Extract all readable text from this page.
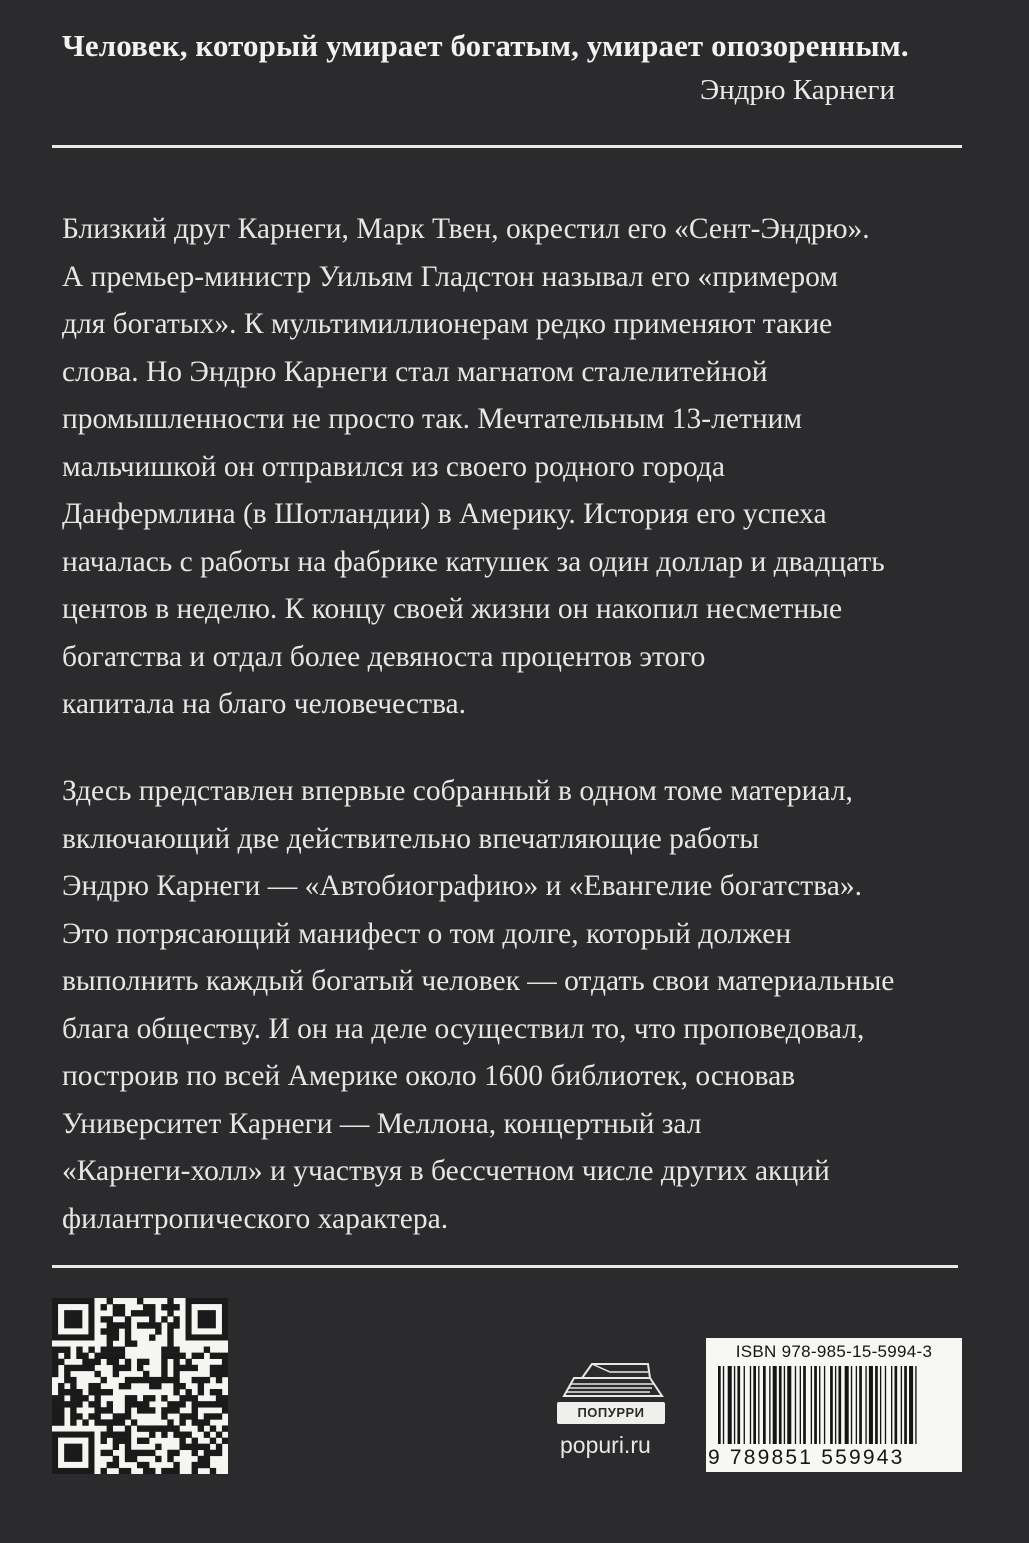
Человек, который умирает богатым, умирает опозоренным.
Эндрю Карнеги

Близкий друг Карнеги, Марк Твен, окрестил его «Сент-Эндрю».

А премьер-министр Уильям Гладстон называл его «примером

для богатых». К мультимиллионерам редко применяют такие

слова. Но Эндрю Карнеги стал магнатом сталелитейной

промышленности не просто так. Мечтательным 13-летним

мальчишкой он отправился из своего родного города

Данфермлина (в Шотландии) в Америку. История его успеха

началась с работы на фабрике катушек за один доллар и двадцать

центов в неделю. К концу своей жизни он накопил несметные

богатства и отдал более девяноста процентов этого

капитала на благо человечества.

Здесь представлен впервые собранный в одном томе материал,

включающий две действительно впечатляющие работы

Эндрю Карнеги — «Автобиографию» и «Евангелие богатства».

Это потрясающий манифест о том долге, который должен

выполнить каждый богатый человек — отдать свои материальные

блага обществу. И он на деле осуществил то, что проповедовал,

построив по всей Америке около 1600 библиотек, основав

Университет Карнеги — Меллона, концертный зал

«Карнеги-холл» и участвуя в бессчетном числе других акций

филантропического характера.

ПОПУРРИ
popuri.ru
ISBN 978-985-15-5994-3
9 789851 559943
